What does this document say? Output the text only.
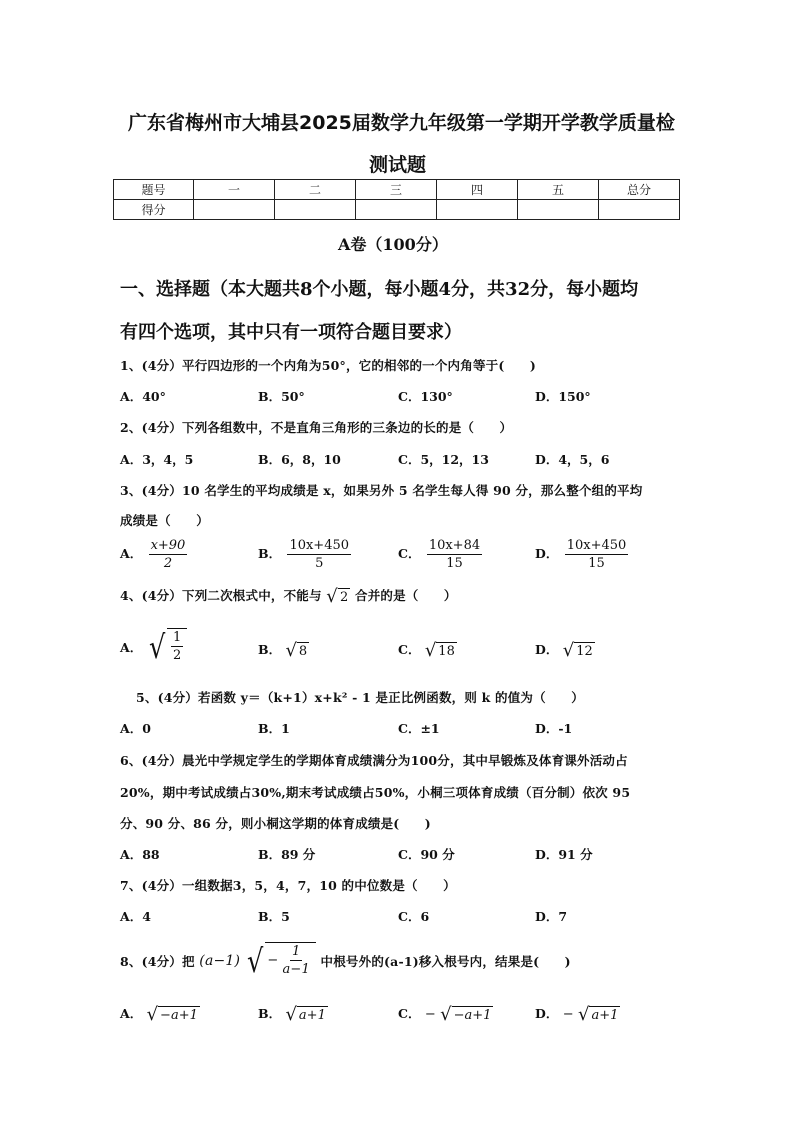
广东省梅州市大埔县2025届数学九年级第一学期开学教学质量检
测试题
题号	一	二	三	四	五	总分
得分						
A卷（100分）
一、选择题（本大题共8个小题，每小题4分，共32分，每小题均
有四个选项，其中只有一项符合题目要求）
1、(4分）平行四边形的一个内角为50°，它的相邻的一个内角等于(　　)
A．40°	B．50°	C．130°	D．150°
2、(4分）下列各组数中，不是直角三角形的三条边的长的是（　　）
A．3，4，5	B．6，8，10	C．5，12，13	D．4，5，6
3、(4分）10 名学生的平均成绩是 x，如果另外 5 名学生每人得 90 分，那么整个组的平均
成绩是（　　）
A． $\frac{x+90}{2}$	B． $\frac{10x+450}{5}$	C． $\frac{10x+84}{15}$	D． $\frac{10x+450}{15}$
4、(4分）下列二次根式中，不能与 √ 2 合并的是（　　）
A． √ $\frac{1}{2}$	B． √ 8	C． √ 18	D． √ 12
5、(4分）若函数 y＝（k+1）x+k² - 1 是正比例函数，则 k 的值为（　　）
A．0	B．1	C．±1	D．-1
6、(4分）晨光中学规定学生的学期体育成绩满分为100分，其中早锻炼及体育课外活动占
20%，期中考试成绩占30%,期末考试成绩占50%，小桐三项体育成绩（百分制）依次 95
分、90 分、86 分，则小桐这学期的体育成绩是(　　)
A．88	B．89 分	C．90 分	D．91 分
7、(4分）一组数据3，5，4，7，10 的中位数是（　　）
A．4	B．5	C．6	D．7
8、(4分）把 (a−1) √ − $\frac{1}{a-1}$ 中根号外的(a-1)移入根号内，结果是(　　)
A． √ −a+1	B． √ a+1	C． − √ −a+1	D． − √ a+1
